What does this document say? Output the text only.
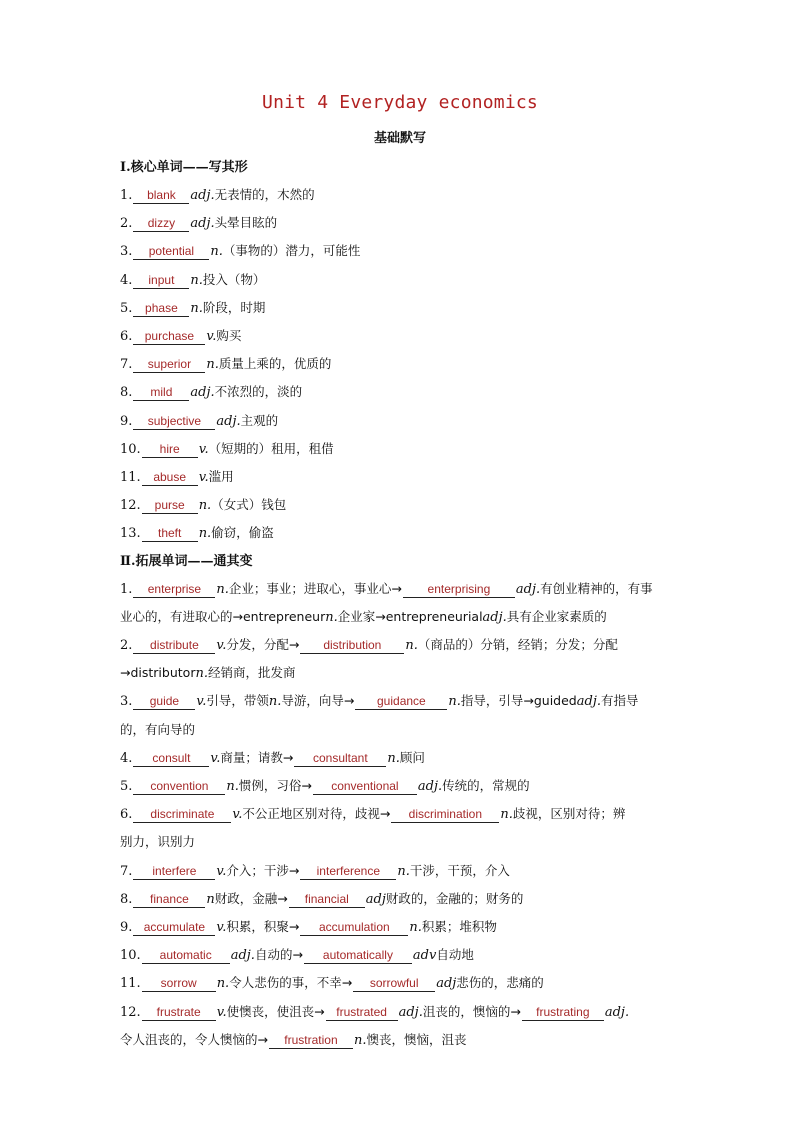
Unit 4 Everyday economics
基础默写
Ⅰ.核心单词——写其形
1. blank adj.无表情的，木然的
2. dizzy adj.头晕目眩的
3. potential n.（事物的）潜力，可能性
4. input n.投入（物）
5. phase n.阶段，时期
6. purchase v.购买
7. superior n.质量上乘的，优质的
8. mild adj.不浓烈的，淡的
9. subjective adj.主观的
10. hire v.（短期的）租用，租借
11. abuse v.滥用
12. purse n.（女式）钱包
13. theft n.偷窃，偷盗
Ⅱ.拓展单词——通其变
1. enterprise n.企业；事业；进取心，事业心→ enterprising adj.有创业精神的，有事
业心的，有进取心的→entrepreneurn.企业家→entrepreneurialadj.具有企业家素质的
2. distribute v.分发，分配→ distribution n.（商品的）分销，经销；分发；分配
→distributorn.经销商，批发商
3. guide v.引导，带领n.导游，向导→ guidance n.指导，引导→guidedadj.有指导
的，有向导的
4. consult v.商量；请教→ consultant n.顾问
5. convention n.惯例，习俗→ conventional adj.传统的，常规的
6. discriminate v.不公正地区别对待，歧视→ discrimination n.歧视，区别对待；辨
别力，识别力
7. interfere v.介入；干涉→ interference n.干涉，干预，介入
8. finance n财政，金融→ financial adj财政的，金融的；财务的
9. accumulate v.积累，积聚→ accumulation n.积累；堆积物
10. automatic adj.自动的→ automatically adv自动地
11. sorrow n.令人悲伤的事，不幸→ sorrowful adj悲伤的，悲痛的
12. frustrate v.使懊丧，使沮丧→ frustrated adj.沮丧的，懊恼的→ frustrating adj.
令人沮丧的，令人懊恼的→ frustration n.懊丧，懊恼，沮丧
